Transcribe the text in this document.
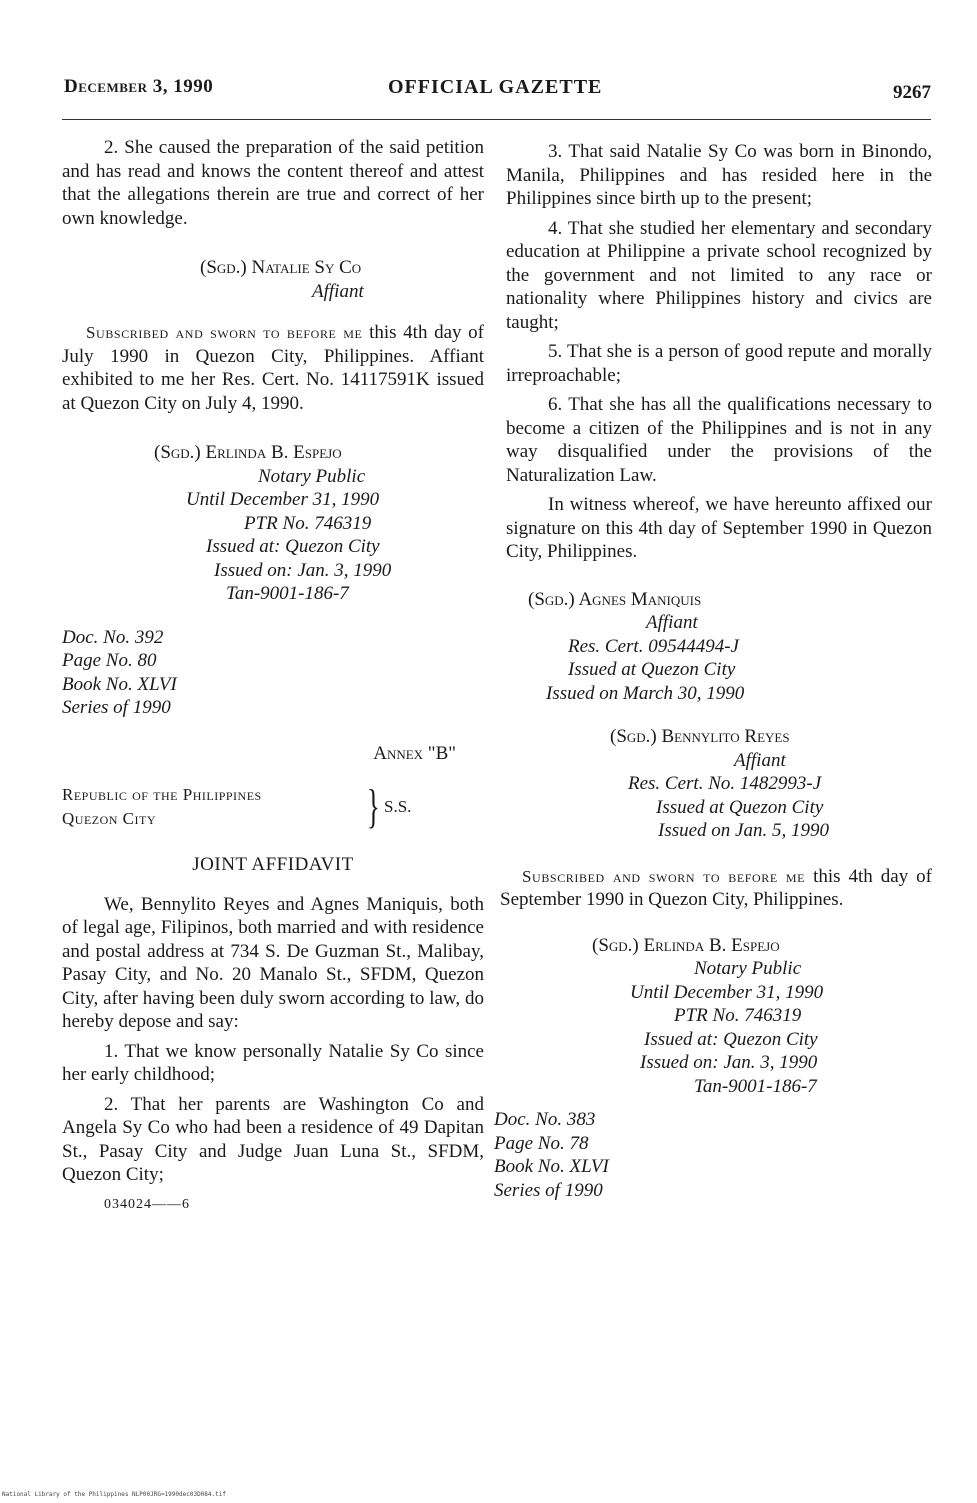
December 3, 1990	OFFICIAL GAZETTE	9267

2. She caused the preparation of the said petition and has read and knows the content thereof and attest that the allegations therein are true and correct of her own knowledge.

(Sgd.) Natalie Sy Co
Affiant

Subscribed and sworn to before me this 4th day of July 1990 in Quezon City, Philippines. Affiant exhibited to me her Res. Cert. No. 14117591K issued at Quezon City on July 4, 1990.

(Sgd.) Erlinda B. Espejo
Notary Public
Until December 31, 1990
PTR No. 746319
Issued at: Quezon City
Issued on: Jan. 3, 1990
Tan-9001-186-7
Doc. No. 392
Page No. 80
Book No. XLVI
Series of 1990
Annex "B"
Republic of the Philippines
Quezon City	} S.S.
JOINT AFFIDAVIT

We, Bennylito Reyes and Agnes Maniquis, both of legal age, Filipinos, both married and with residence and postal address at 734 S. De Guzman St., Malibay, Pasay City, and No. 20 Manalo St., SFDM, Quezon City, after having been duly sworn according to law, do hereby depose and say:

1. That we know personally Natalie Sy Co since her early childhood;

2. That her parents are Washington Co and Angela Sy Co who had been a residence of 49 Dapitan St., Pasay City and Judge Juan Luna St., SFDM, Quezon City;

034024——6

3. That said Natalie Sy Co was born in Binondo, Manila, Philippines and has resided here in the Philippines since birth up to the present;

4. That she studied her elementary and secondary education at Philippine a private school recognized by the government and not limited to any race or nationality where Philippines history and civics are taught;

5. That she is a person of good repute and morally irreproachable;

6. That she has all the qualifications necessary to become a citizen of the Philippines and is not in any way disqualified under the provisions of the Naturalization Law.

In witness whereof, we have hereunto affixed our signature on this 4th day of September 1990 in Quezon City, Philippines.

(Sgd.) Agnes Maniquis
Affiant
Res. Cert. 09544494-J
Issued at Quezon City
Issued on March 30, 1990
(Sgd.) Bennylito Reyes
Affiant
Res. Cert. No. 1482993-J
Issued at Quezon City
Issued on Jan. 5, 1990

Subscribed and sworn to before me this 4th day of September 1990 in Quezon City, Philippines.

(Sgd.) Erlinda B. Espejo
Notary Public
Until December 31, 1990
PTR No. 746319
Issued at: Quezon City
Issued on: Jan. 3, 1990
Tan-9001-186-7
Doc. No. 383
Page No. 78
Book No. XLVI
Series of 1990
National Library of the Philippines NLP00JRG=1990dec03D084.tif
